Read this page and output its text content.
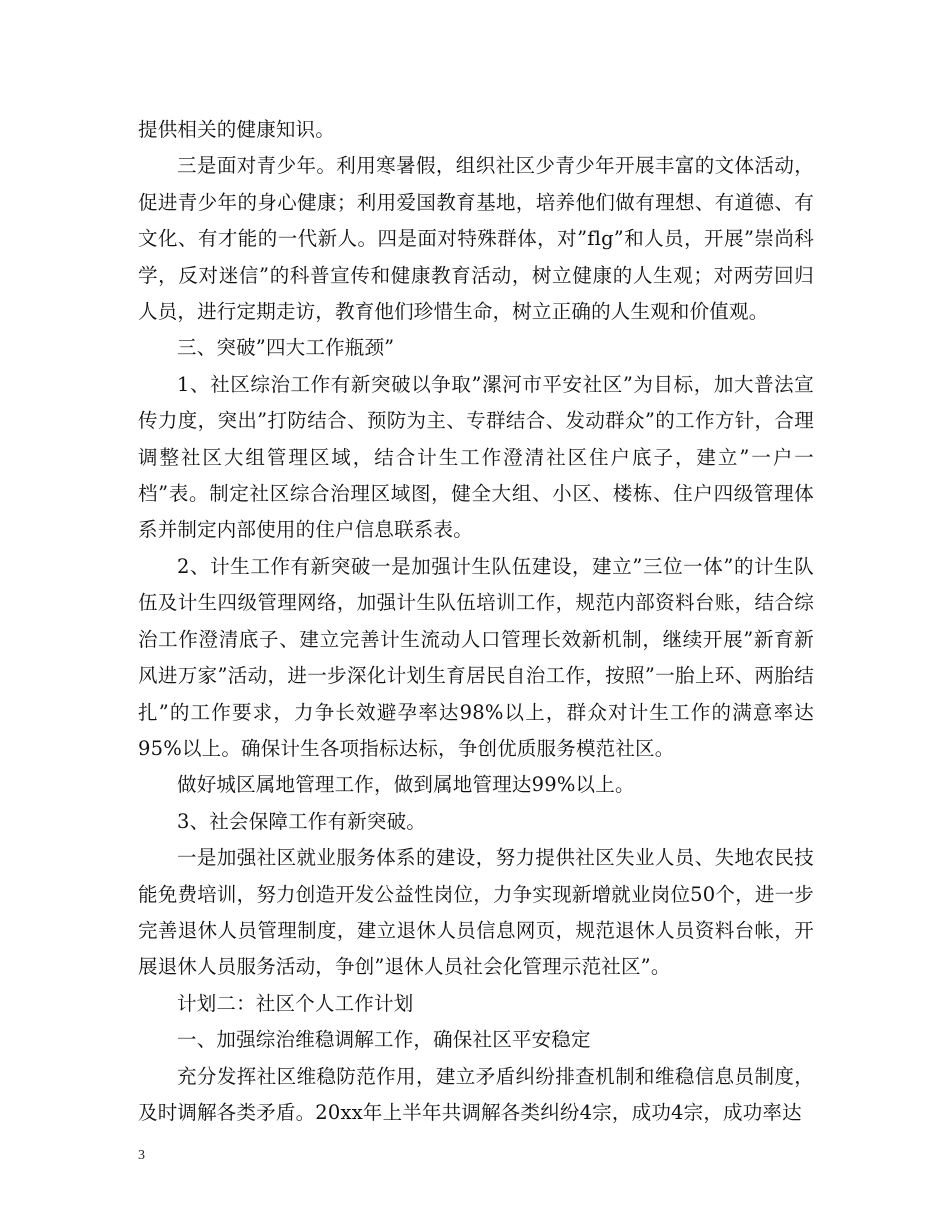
提供相关的健康知识。

三是面对青少年。利用寒暑假，组织社区少青少年开展丰富的文体活动，促进青少年的身心健康；利用爱国教育基地，培养他们做有理想、有道德、有文化、有才能的一代新人。四是面对特殊群体，对”flg”和人员，开展”崇尚科学，反对迷信”的科普宣传和健康教育活动，树立健康的人生观；对两劳回归人员，进行定期走访，教育他们珍惜生命，树立正确的人生观和价值观。

三、突破”四大工作瓶颈”

1、社区综治工作有新突破以争取”漯河市平安社区”为目标，加大普法宣传力度，突出”打防结合、预防为主、专群结合、发动群众”的工作方针，合理调整社区大组管理区域，结合计生工作澄清社区住户底子，建立”一户一档”表。制定社区综合治理区域图，健全大组、小区、楼栋、住户四级管理体系并制定内部使用的住户信息联系表。

2、计生工作有新突破一是加强计生队伍建设，建立”三位一体”的计生队伍及计生四级管理网络，加强计生队伍培训工作，规范内部资料台账，结合综治工作澄清底子、建立完善计生流动人口管理长效新机制，继续开展”新育新风进万家”活动，进一步深化计划生育居民自治工作，按照”一胎上环、两胎结扎”的工作要求，力争长效避孕率达98%以上，群众对计生工作的满意率达95%以上。确保计生各项指标达标，争创优质服务模范社区。

做好城区属地管理工作，做到属地管理达99%以上。

3、社会保障工作有新突破。

一是加强社区就业服务体系的建设，努力提供社区失业人员、失地农民技能免费培训，努力创造开发公益性岗位，力争实现新增就业岗位50个，进一步完善退休人员管理制度，建立退休人员信息网页，规范退休人员资料台帐，开展退休人员服务活动，争创”退休人员社会化管理示范社区”。

计划二：社区个人工作计划

一、加强综治维稳调解工作，确保社区平安稳定

充分发挥社区维稳防范作用，建立矛盾纠纷排查机制和维稳信息员制度，及时调解各类矛盾。20xx年上半年共调解各类纠纷4宗，成功4宗，成功率达

3
